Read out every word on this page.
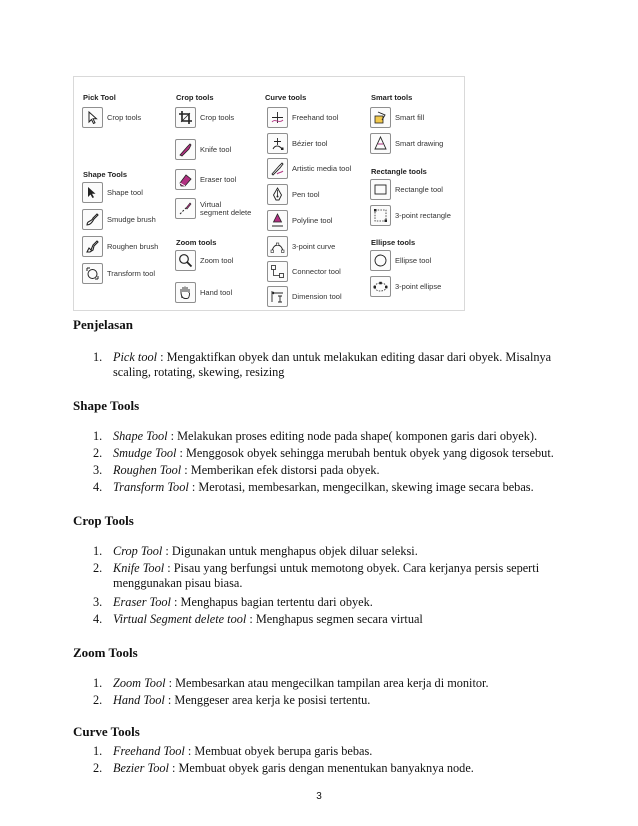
Pick Tool
Crop tools
Shape Tools
Shape tool
Smudge brush
Roughen brush
Transform tool
Crop tools
Crop tools
Knife tool
Eraser tool
Virtual
segment delete
Zoom tools
Zoom tool
Hand tool
Curve tools
Freehand tool
Bézier tool
Artistic media tool
Pen tool
Polyline tool
3-point curve
Connector tool
Dimension tool
Smart tools
Smart fill
Smart drawing
Rectangle tools
Rectangle tool
3-point rectangle
Ellipse tools
Ellipse tool
3-point ellipse
Penjelasan
1. Pick tool : Mengaktifkan obyek dan untuk melakukan editing dasar dari obyek. Misalnya
scaling, rotating, skewing, resizing
Shape Tools
1. Shape Tool : Melakukan proses editing node pada shape( komponen garis dari obyek).
2. Smudge Tool : Menggosok obyek sehingga merubah bentuk obyek yang digosok tersebut.
3. Roughen Tool : Memberikan efek distorsi pada obyek.
4. Transform Tool : Merotasi, membesarkan, mengecilkan, skewing image secara bebas.
Crop Tools
1. Crop Tool : Digunakan untuk menghapus objek diluar seleksi.
2. Knife Tool : Pisau yang berfungsi untuk memotong obyek. Cara kerjanya persis seperti
menggunakan pisau biasa.
3. Eraser Tool : Menghapus bagian tertentu dari obyek.
4. Virtual Segment delete tool : Menghapus segmen secara virtual
Zoom Tools
1. Zoom Tool : Membesarkan atau mengecilkan tampilan area kerja di monitor.
2. Hand Tool : Menggeser area kerja ke posisi tertentu.
Curve Tools
1. Freehand Tool : Membuat obyek berupa garis bebas.
2. Bezier Tool : Membuat obyek garis dengan menentukan banyaknya node.
3
